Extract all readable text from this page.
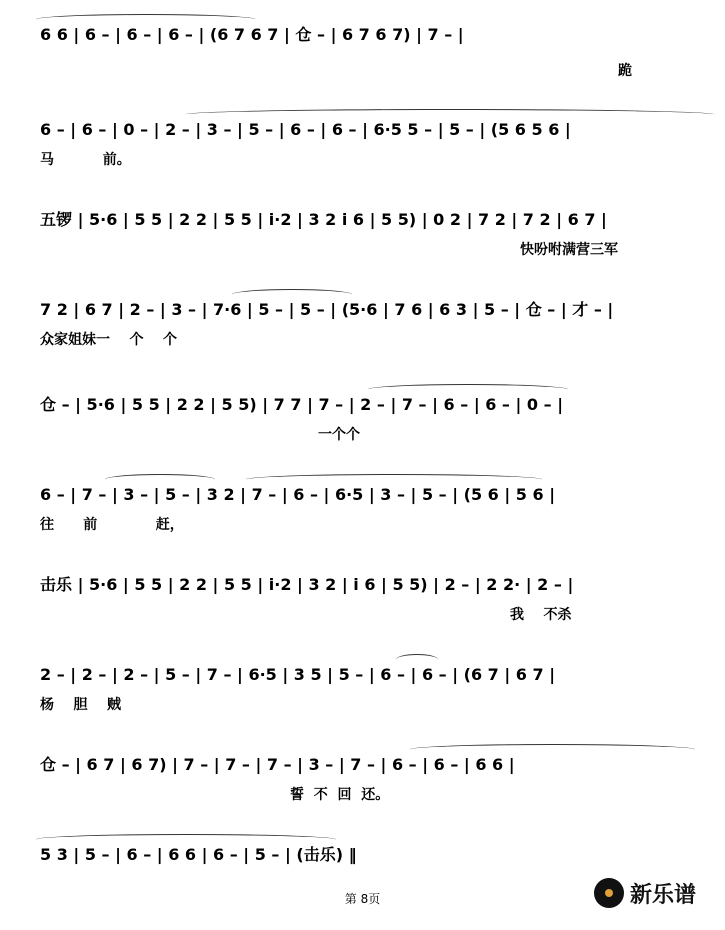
6 6 | 6 – | 6 – | 6 – | (6 7 6 7 | 仓 – | 6 7 6 7) | 7 – |
跪
6 – | 6 – | 0 – | 2 – | 3 – | 5 – | 6 – | 6 – | 6·5 5 – | 5 – | (5 6 5 6 |
马          前。
五锣 | 5·6 | 5 5 | 2 2 | 5 5 | i·2 | 3 2 i 6 | 5 5) | 0 2 | 7 2 | 7 2 | 6 7 |
快吩咐满营三军
7 2 | 6 7 | 2 – | 3 – | 7·6 | 5 – | 5 – | (5·6 | 7 6 | 6 3 | 5 – | 仓 – | 才 – |
众家姐妹一    个    个
仓 – | 5·6 | 5 5 | 2 2 | 5 5) | 7 7 | 7 – | 2 – | 7 – | 6 – | 6 – | 0 – |
一个个
6 – | 7 – | 3 – | 5 – | 3 2 | 7 – | 6 – | 6·5 | 3 – | 5 – | (5 6 | 5 6 |
往      前            赶，
击乐 | 5·6 | 5 5 | 2 2 | 5 5 | i·2 | 3 2 | i 6 | 5 5) | 2 – | 2 2· | 2 – |
我    不杀
2 – | 2 – | 2 – | 5 – | 7 – | 6·5 | 3 5 | 5 – | 6 – | 6 – | (6 7 | 6 7 |
杨    胆    贼
仓 – | 6 7 | 6 7) | 7 – | 7 – | 7 – | 3 – | 7 – | 6 – | 6 – | 6 6 |
誓  不  回  还。
5 3 | 5 – | 6 – | 6 6 | 6 – | 5 – | (击乐) ‖
第 8页	新乐谱
